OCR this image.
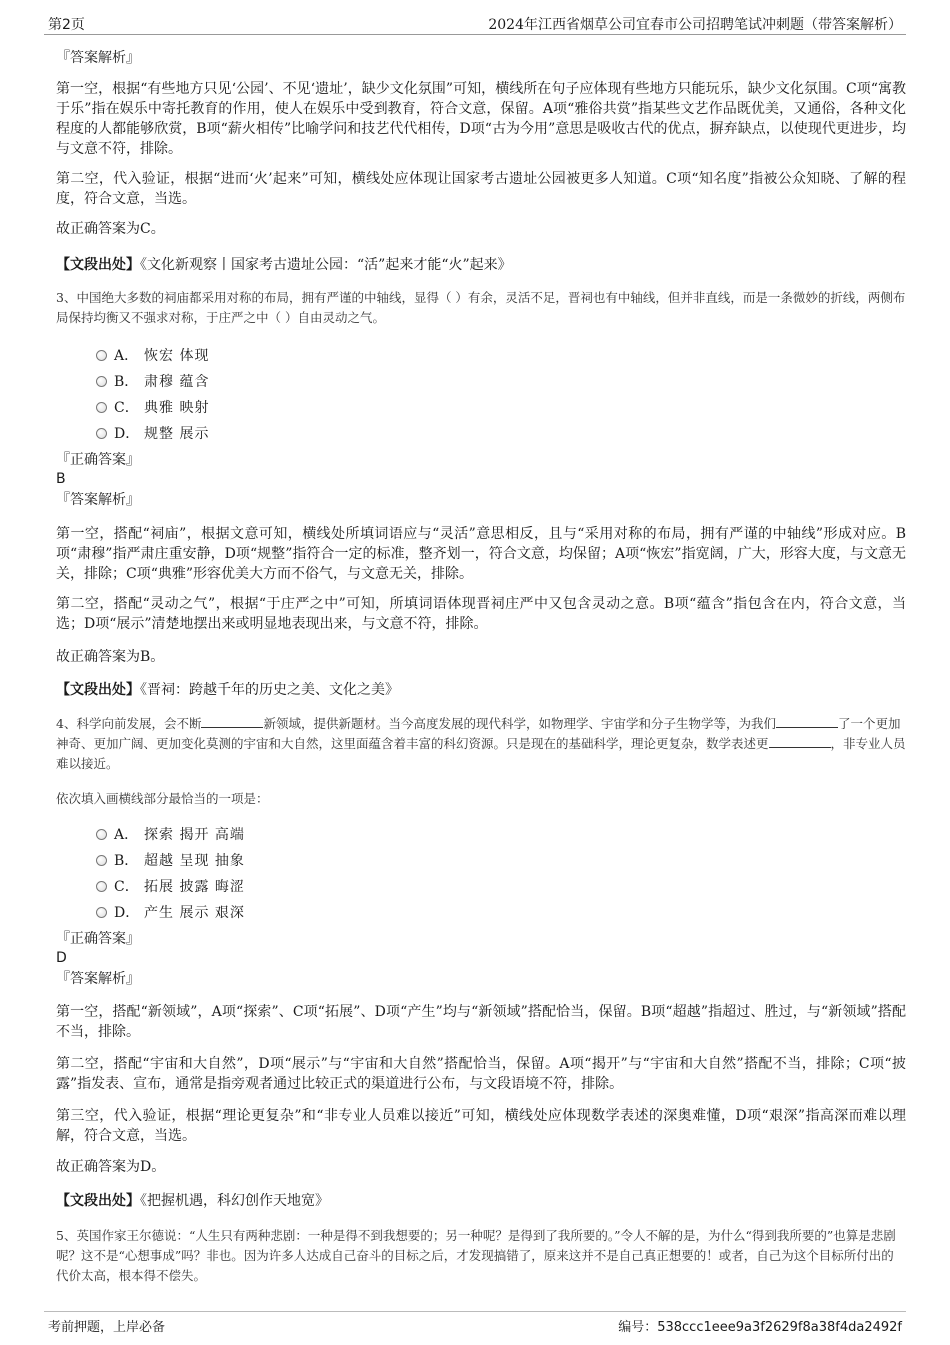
第2页	2024年江西省烟草公司宜春市公司招聘笔试冲刺题（带答案解析）
『答案解析』
第一空，根据“有些地方只见‘公园’、不见‘遗址’，缺少文化氛围”可知，横线所在句子应体现有些地方只能玩乐，缺少文化氛围。C项“寓教于乐”指在娱乐中寄托教育的作用，使人在娱乐中受到教育，符合文意，保留。A项“雅俗共赏”指某些文艺作品既优美，又通俗，各种文化程度的人都能够欣赏，B项“薪火相传”比喻学问和技艺代代相传，D项“古为今用”意思是吸收古代的优点，摒弃缺点，以使现代更进步，均与文意不符，排除。
第二空，代入验证，根据“进而‘火’起来”可知，横线处应体现让国家考古遗址公园被更多人知道。C项“知名度”指被公众知晓、了解的程度，符合文意，当选。
故正确答案为C。
【文段出处】《文化新观察丨国家考古遗址公园：“活”起来才能“火”起来》
3、中国绝大多数的祠庙都采用对称的布局，拥有严谨的中轴线，显得（ ）有余，灵活不足，晋祠也有中轴线，但并非直线，而是一条微妙的折线，两侧布局保持均衡又不强求对称，于庄严之中（ ）自由灵动之气。
A． 恢宏 体现
B． 肃穆 蕴含
C． 典雅 映射
D． 规整 展示
『正确答案』
B
『答案解析』
第一空，搭配“祠庙”，根据文意可知，横线处所填词语应与“灵活”意思相反，且与“采用对称的布局，拥有严谨的中轴线”形成对应。B项“肃穆”指严肃庄重安静，D项“规整”指符合一定的标准，整齐划一，符合文意，均保留；A项“恢宏”指宽阔，广大，形容大度，与文意无关，排除；C项“典雅”形容优美大方而不俗气，与文意无关，排除。
第二空，搭配“灵动之气”，根据“于庄严之中”可知，所填词语体现晋祠庄严中又包含灵动之意。B项“蕴含”指包含在内，符合文意，当选；D项“展示”清楚地摆出来或明显地表现出来，与文意不符，排除。
故正确答案为B。
【文段出处】《晋祠：跨越千年的历史之美、文化之美》
4、科学向前发展，会不断	新领域，提供新题材。当今高度发展的现代科学，如物理学、宇宙学和分子生物学等，为我们	了一个更加神奇、更加广阔、更加变化莫测的宇宙和大自然，这里面蕴含着丰富的科幻资源。只是现在的基础科学，理论更复杂，数学表述更	，非专业人员难以接近。
依次填入画横线部分最恰当的一项是：
A． 探索 揭开 高端
B． 超越 呈现 抽象
C． 拓展 披露 晦涩
D． 产生 展示 艰深
『正确答案』
D
『答案解析』
第一空，搭配“新领域”，A项“探索”、C项“拓展”、D项“产生”均与“新领域”搭配恰当，保留。B项“超越”指超过、胜过，与“新领域”搭配不当，排除。
第二空，搭配“宇宙和大自然”，D项“展示”与“宇宙和大自然”搭配恰当，保留。A项“揭开”与“宇宙和大自然”搭配不当，排除；C项“披露”指发表、宣布，通常是指旁观者通过比较正式的渠道进行公布，与文段语境不符，排除。
第三空，代入验证，根据“理论更复杂”和“非专业人员难以接近”可知，横线处应体现数学表述的深奥难懂，D项“艰深”指高深而难以理解，符合文意，当选。
故正确答案为D。
【文段出处】《把握机遇，科幻创作天地宽》
5、英国作家王尔德说：“人生只有两种悲剧：一种是得不到我想要的；另一种呢？是得到了我所要的。”令人不解的是，为什么“得到我所要的”也算是悲剧呢？这不是“心想事成”吗？非也。因为许多人达成自己奋斗的目标之后，才发现搞错了，原来这并不是自己真正想要的！或者，自己为这个目标所付出的代价太高，根本得不偿失。
考前押题，上岸必备	编号：538ccc1eee9a3f2629f8a38f4da2492f
